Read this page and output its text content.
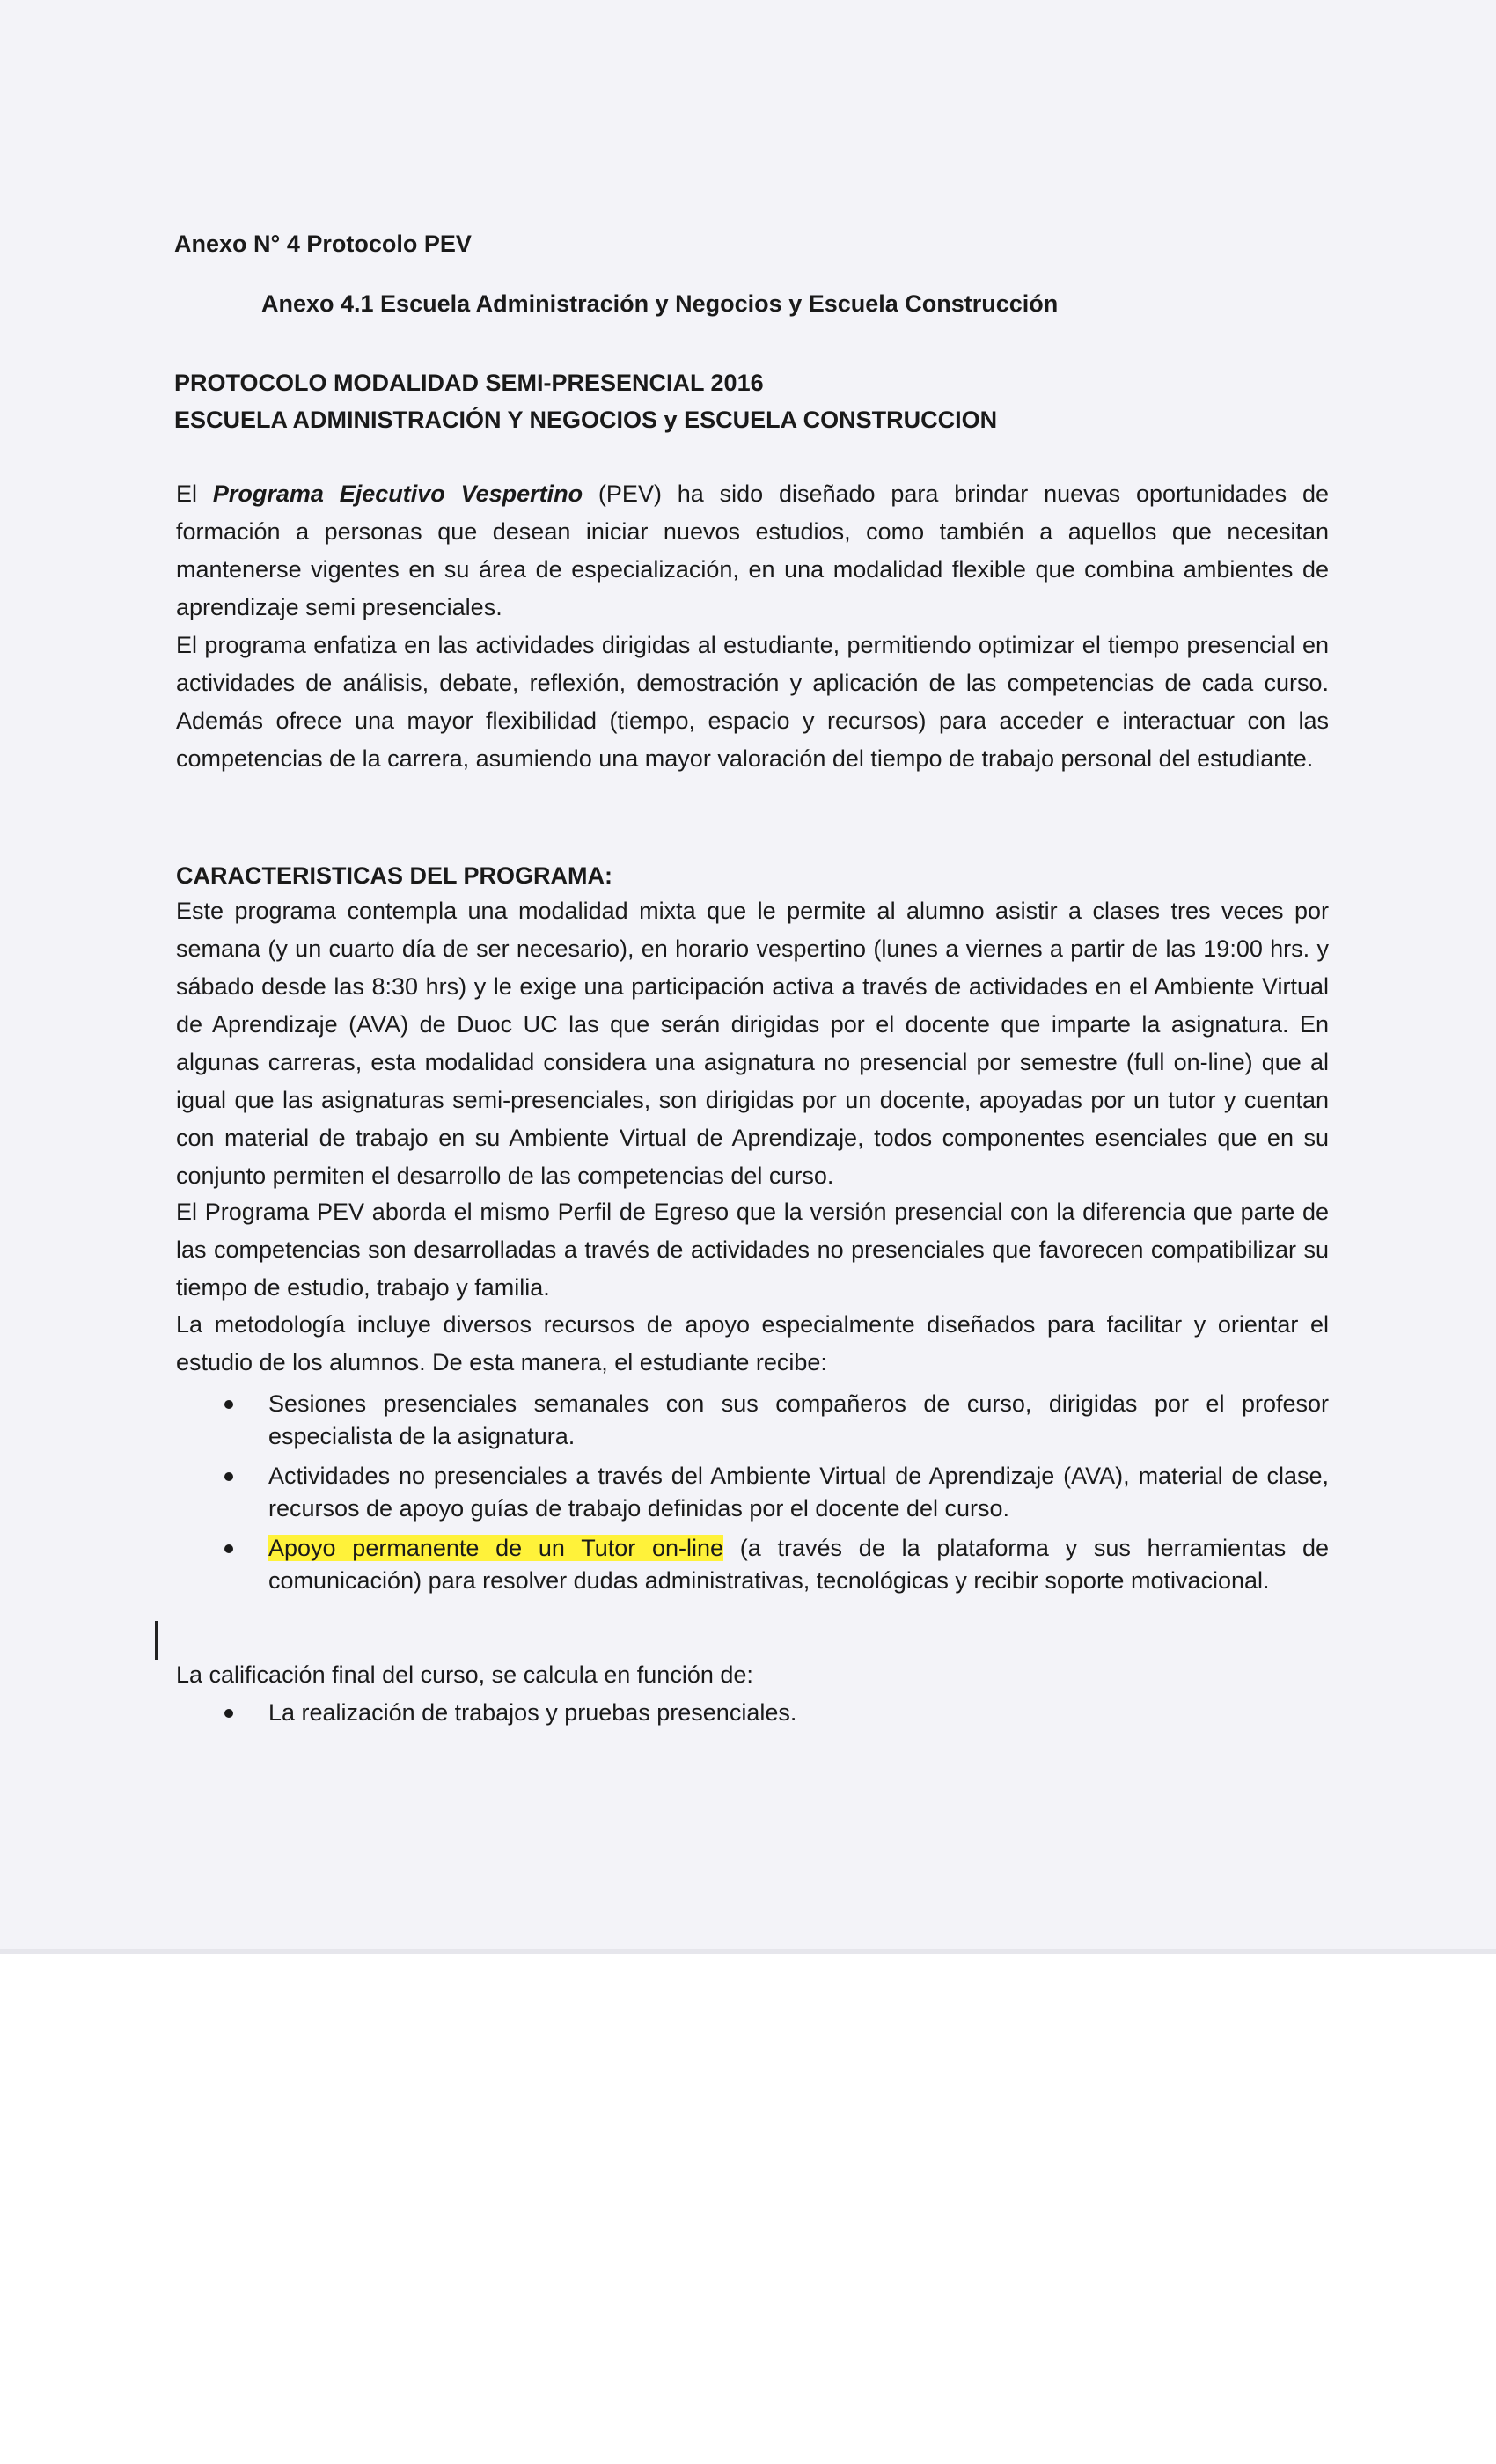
Anexo N° 4 Protocolo PEV
Anexo 4.1 Escuela Administración y Negocios y Escuela Construcción
PROTOCOLO MODALIDAD SEMI-PRESENCIAL 2016
ESCUELA ADMINISTRACIÓN Y NEGOCIOS y ESCUELA CONSTRUCCION
El Programa Ejecutivo Vespertino (PEV) ha sido diseñado para brindar nuevas oportunidades de formación a personas que desean iniciar nuevos estudios, como también a aquellos que necesitan mantenerse vigentes en su área de especialización, en una modalidad flexible que combina ambientes de aprendizaje semi presenciales.
El programa enfatiza en las actividades dirigidas al estudiante, permitiendo optimizar el tiempo presencial en actividades de análisis, debate, reflexión, demostración y aplicación de las competencias de cada curso. Además ofrece una mayor flexibilidad (tiempo, espacio y recursos) para acceder e interactuar con las competencias de la carrera, asumiendo una mayor valoración del tiempo de trabajo personal del estudiante.
CARACTERISTICAS DEL PROGRAMA:
Este programa contempla una modalidad mixta que le permite al alumno asistir a clases tres veces por semana (y un cuarto día de ser necesario), en horario vespertino (lunes a viernes a partir de las 19:00 hrs. y sábado desde las 8:30 hrs) y le exige una participación activa a través de actividades en el Ambiente Virtual de Aprendizaje (AVA) de Duoc UC las que serán dirigidas por el docente que imparte la asignatura. En algunas carreras, esta modalidad considera una asignatura no presencial por semestre (full on-line) que al igual que las asignaturas semi-presenciales, son dirigidas por un docente, apoyadas por un tutor y cuentan con material de trabajo en su Ambiente Virtual de Aprendizaje, todos componentes esenciales que en su conjunto permiten el desarrollo de las competencias del curso.
El Programa PEV aborda el mismo Perfil de Egreso que la versión presencial con la diferencia que parte de las competencias son desarrolladas a través de actividades no presenciales que favorecen compatibilizar su tiempo de estudio, trabajo y familia.
La metodología incluye diversos recursos de apoyo especialmente diseñados para facilitar y orientar el estudio de los alumnos. De esta manera, el estudiante recibe:
Sesiones presenciales semanales con sus compañeros de curso, dirigidas por el profesor especialista de la asignatura.
Actividades no presenciales a través del Ambiente Virtual de Aprendizaje (AVA), material de clase, recursos de apoyo guías de trabajo definidas por el docente del curso.
Apoyo permanente de un Tutor on-line (a través de la plataforma y sus herramientas de comunicación) para resolver dudas administrativas, tecnológicas y recibir soporte motivacional.
La calificación final del curso, se calcula en función de:
La realización de trabajos y pruebas presenciales.
